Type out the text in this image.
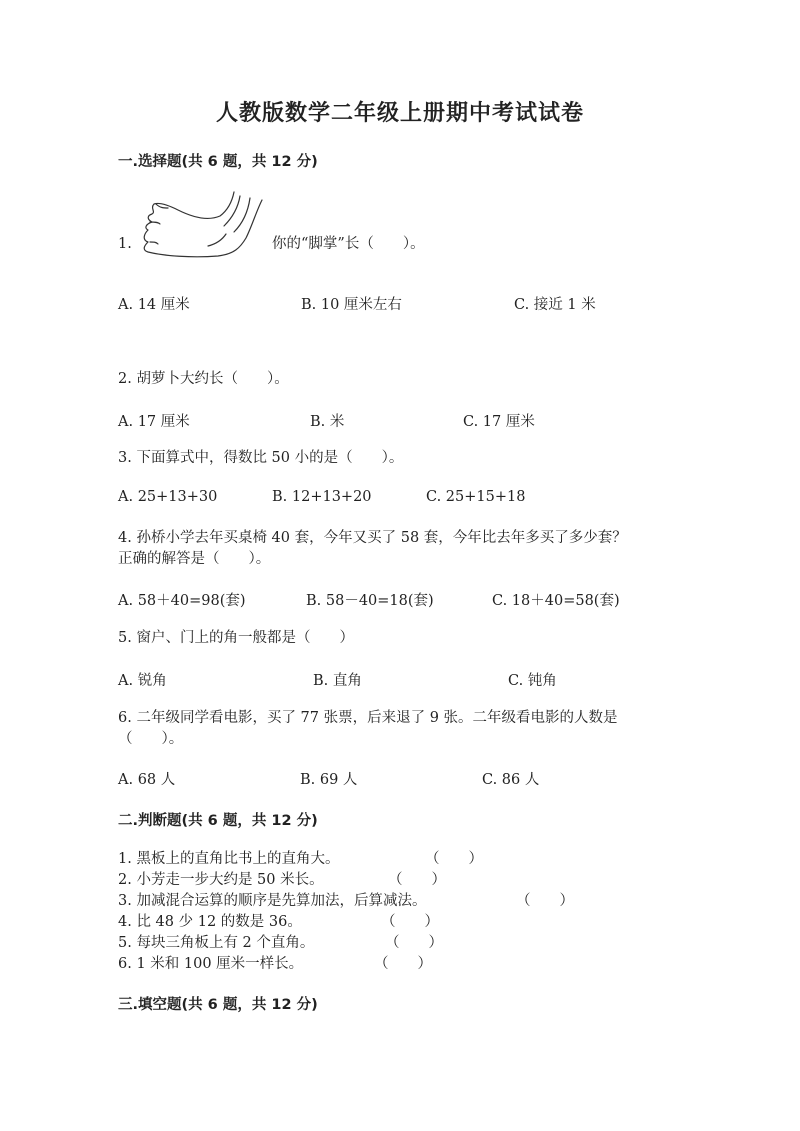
人教版数学二年级上册期中考试试卷
一.选择题(共 6 题，共 12 分)
1.	你的“脚掌”长（　　）。
A. 14 厘米	B. 10 厘米左右	C. 接近 1 米
2. 胡萝卜大约长（　　）。
A. 17 厘米	B. 米	C. 17 厘米
3. 下面算式中，得数比 50 小的是（　　）。
A. 25+13+30	B. 12+13+20	C. 25+15+18
4. 孙桥小学去年买桌椅 40 套，今年又买了 58 套，今年比去年多买了多少套？
正确的解答是（　　）。
A. 58＋40=98(套)	B. 58－40=18(套)	C. 18＋40=58(套)
5. 窗户、门上的角一般都是（　　）
A. 锐角	B. 直角	C. 钝角
6. 二年级同学看电影，买了 77 张票，后来退了 9 张。二年级看电影的人数是
（　　）。
A. 68 人	B. 69 人	C. 86 人
二.判断题(共 6 题，共 12 分)
1. 黑板上的直角比书上的直角大。	（　　）
2. 小芳走一步大约是 50 米长。	（　　）
3. 加减混合运算的顺序是先算加法，后算减法。	（　　）
4. 比 48 少 12 的数是 36。	（　　）
5. 每块三角板上有 2 个直角。	（　　）
6. 1 米和 100 厘米一样长。	（　　）
三.填空题(共 6 题，共 12 分)
